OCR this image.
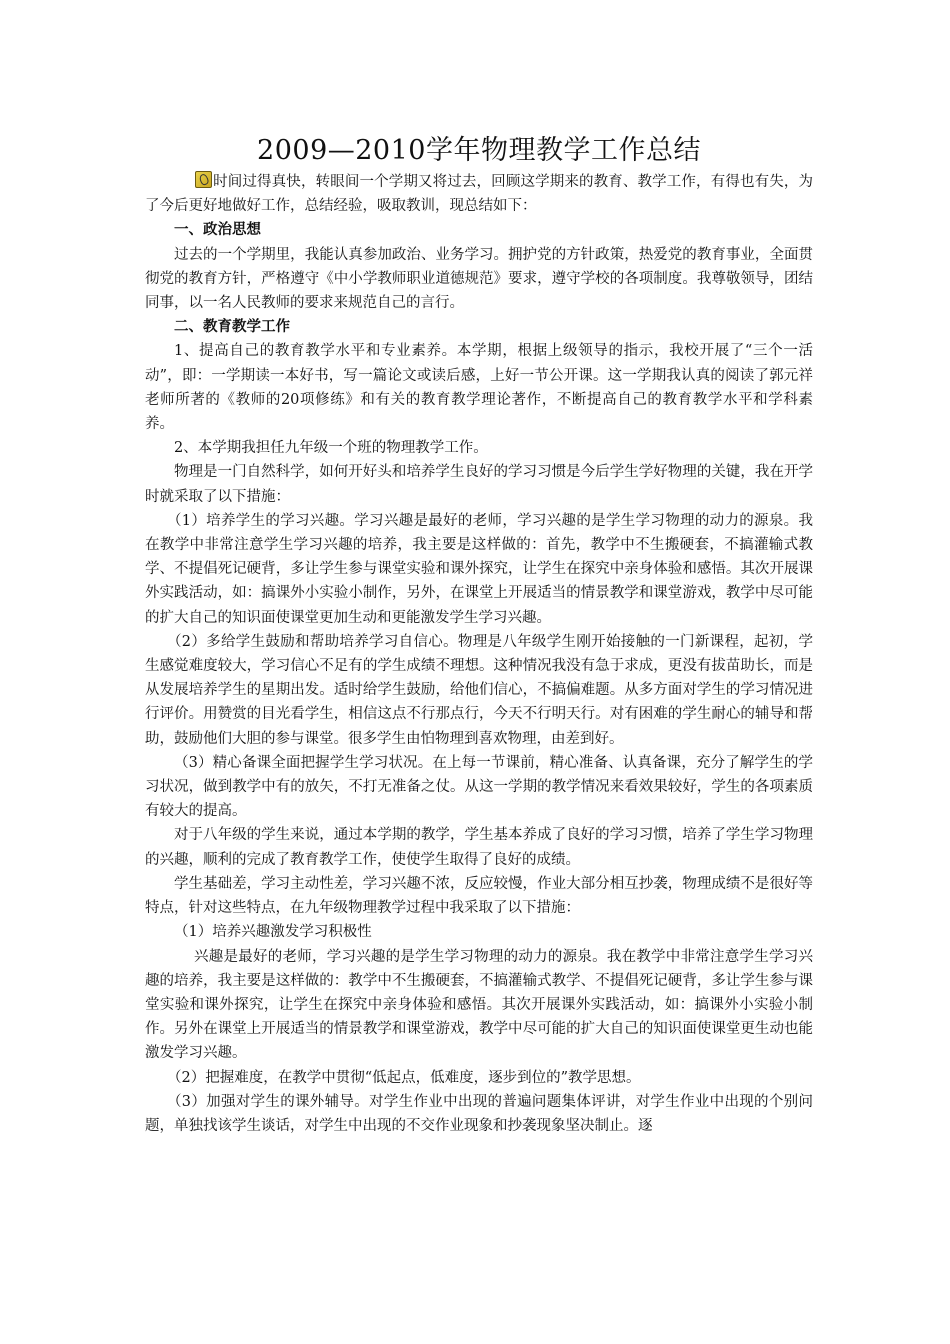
2009—2010学年物理教学工作总结

时间过得真快，转眼间一个学期又将过去，回顾这学期来的教育、教学工作，有得也有失，为了今后更好地做好工作，总结经验，吸取教训，现总结如下：

一、政治思想

过去的一个学期里，我能认真参加政治、业务学习。拥护党的方针政策，热爱党的教育事业，全面贯彻党的教育方针，严格遵守《中小学教师职业道德规范》要求，遵守学校的各项制度。我尊敬领导，团结同事，以一名人民教师的要求来规范自己的言行。

二、教育教学工作

1、提高自己的教育教学水平和专业素养。本学期，根据上级领导的指示，我校开展了“三个一活动”，即：一学期读一本好书，写一篇论文或读后感，上好一节公开课。这一学期我认真的阅读了郭元祥老师所著的《教师的20项修练》和有关的教育教学理论著作，不断提高自己的教育教学水平和学科素养。

2、本学期我担任九年级一个班的物理教学工作。

物理是一门自然科学，如何开好头和培养学生良好的学习习惯是今后学生学好物理的关键，我在开学时就采取了以下措施：

（1）培养学生的学习兴趣。学习兴趣是最好的老师，学习兴趣的是学生学习物理的动力的源泉。我在教学中非常注意学生学习兴趣的培养，我主要是这样做的：首先，教学中不生搬硬套，不搞灌输式教学、不提倡死记硬背，多让学生参与课堂实验和课外探究，让学生在探究中亲身体验和感悟。其次开展课外实践活动，如：搞课外小实验小制作，另外，在课堂上开展适当的情景教学和课堂游戏，教学中尽可能的扩大自己的知识面使课堂更加生动和更能激发学生学习兴趣。

（2）多给学生鼓励和帮助培养学习自信心。物理是八年级学生刚开始接触的一门新课程，起初，学生感觉难度较大，学习信心不足有的学生成绩不理想。这种情况我没有急于求成，更没有拔苗助长，而是从发展培养学生的星期出发。适时给学生鼓励，给他们信心，不搞偏难题。从多方面对学生的学习情况进行评价。用赞赏的目光看学生，相信这点不行那点行，今天不行明天行。对有困难的学生耐心的辅导和帮助，鼓励他们大胆的参与课堂。很多学生由怕物理到喜欢物理，由差到好。

（3）精心备课全面把握学生学习状况。在上每一节课前，精心准备、认真备课，充分了解学生的学习状况，做到教学中有的放矢，不打无准备之仗。从这一学期的教学情况来看效果较好，学生的各项素质有较大的提高。

对于八年级的学生来说，通过本学期的教学，学生基本养成了良好的学习习惯，培养了学生学习物理的兴趣，顺利的完成了教育教学工作，使使学生取得了良好的成绩。

学生基础差，学习主动性差，学习兴趣不浓，反应较慢，作业大部分相互抄袭，物理成绩不是很好等特点，针对这些特点，在九年级物理教学过程中我采取了以下措施：

（1）培养兴趣激发学习积极性

兴趣是最好的老师，学习兴趣的是学生学习物理的动力的源泉。我在教学中非常注意学生学习兴趣的培养，我主要是这样做的：教学中不生搬硬套，不搞灌输式教学、不提倡死记硬背，多让学生参与课堂实验和课外探究，让学生在探究中亲身体验和感悟。其次开展课外实践活动，如：搞课外小实验小制作。另外在课堂上开展适当的情景教学和课堂游戏，教学中尽可能的扩大自己的知识面使课堂更生动也能激发学习兴趣。

（2）把握难度，在教学中贯彻“低起点，低难度，逐步到位的”教学思想。

（3）加强对学生的课外辅导。对学生作业中出现的普遍问题集体评讲，对学生作业中出现的个别问题，单独找该学生谈话，对学生中出现的不交作业现象和抄袭现象坚决制止。逐
